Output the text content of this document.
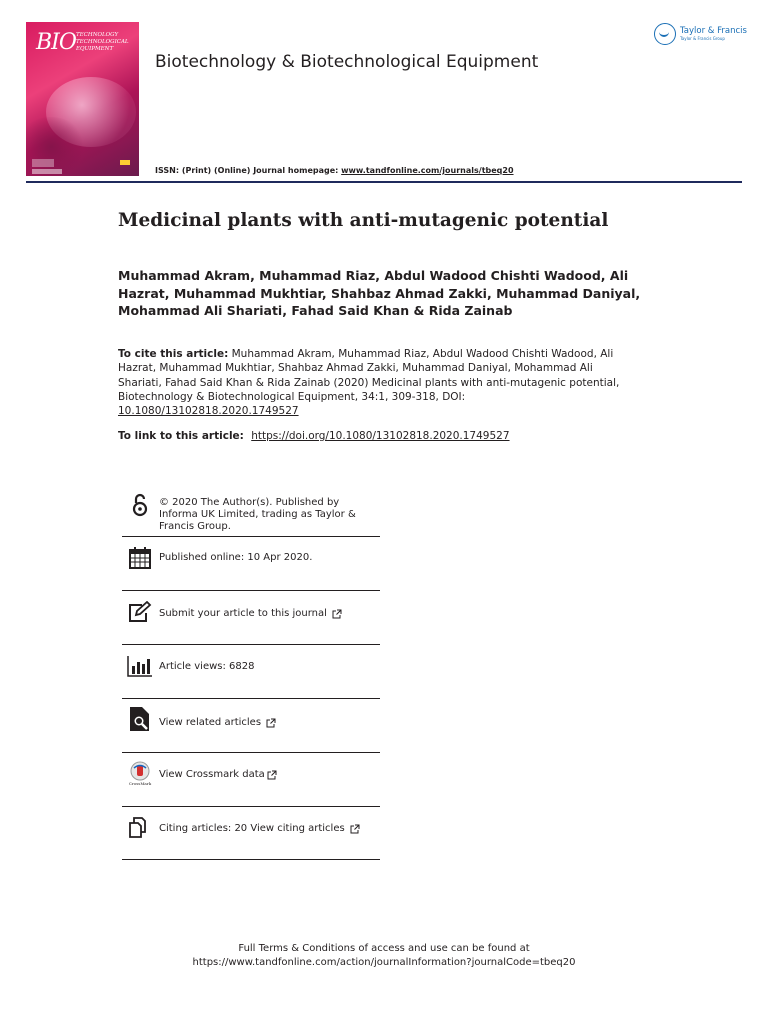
BIO TECHNOLOGY
TECHNOLOGICAL
EQUIPMENT
Biotechnology & Biotechnological Equipment
ISSN: (Print) (Online) Journal homepage: www.tandfonline.com/journals/tbeq20
Taylor & Francis
Taylor & Francis Group
Medicinal plants with anti-mutagenic potential
Muhammad Akram, Muhammad Riaz, Abdul Wadood Chishti Wadood, Ali Hazrat, Muhammad Mukhtiar, Shahbaz Ahmad Zakki, Muhammad Daniyal, Mohammad Ali Shariati, Fahad Said Khan & Rida Zainab
To cite this article: Muhammad Akram, Muhammad Riaz, Abdul Wadood Chishti Wadood, Ali Hazrat, Muhammad Mukhtiar, Shahbaz Ahmad Zakki, Muhammad Daniyal, Mohammad Ali Shariati, Fahad Said Khan & Rida Zainab (2020) Medicinal plants with anti-mutagenic potential, Biotechnology & Biotechnological Equipment, 34:1, 309-318, DOI: 10.1080/13102818.2020.1749527
To link to this article: https://doi.org/10.1080/13102818.2020.1749527
© 2020 The Author(s). Published by Informa UK Limited, trading as Taylor & Francis Group.
Published online: 10 Apr 2020.
Submit your article to this journal
Article views: 6828
View related articles
CrossMark
View Crossmark data
Citing articles: 20 View citing articles
Full Terms & Conditions of access and use can be found at
https://www.tandfonline.com/action/journalInformation?journalCode=tbeq20
